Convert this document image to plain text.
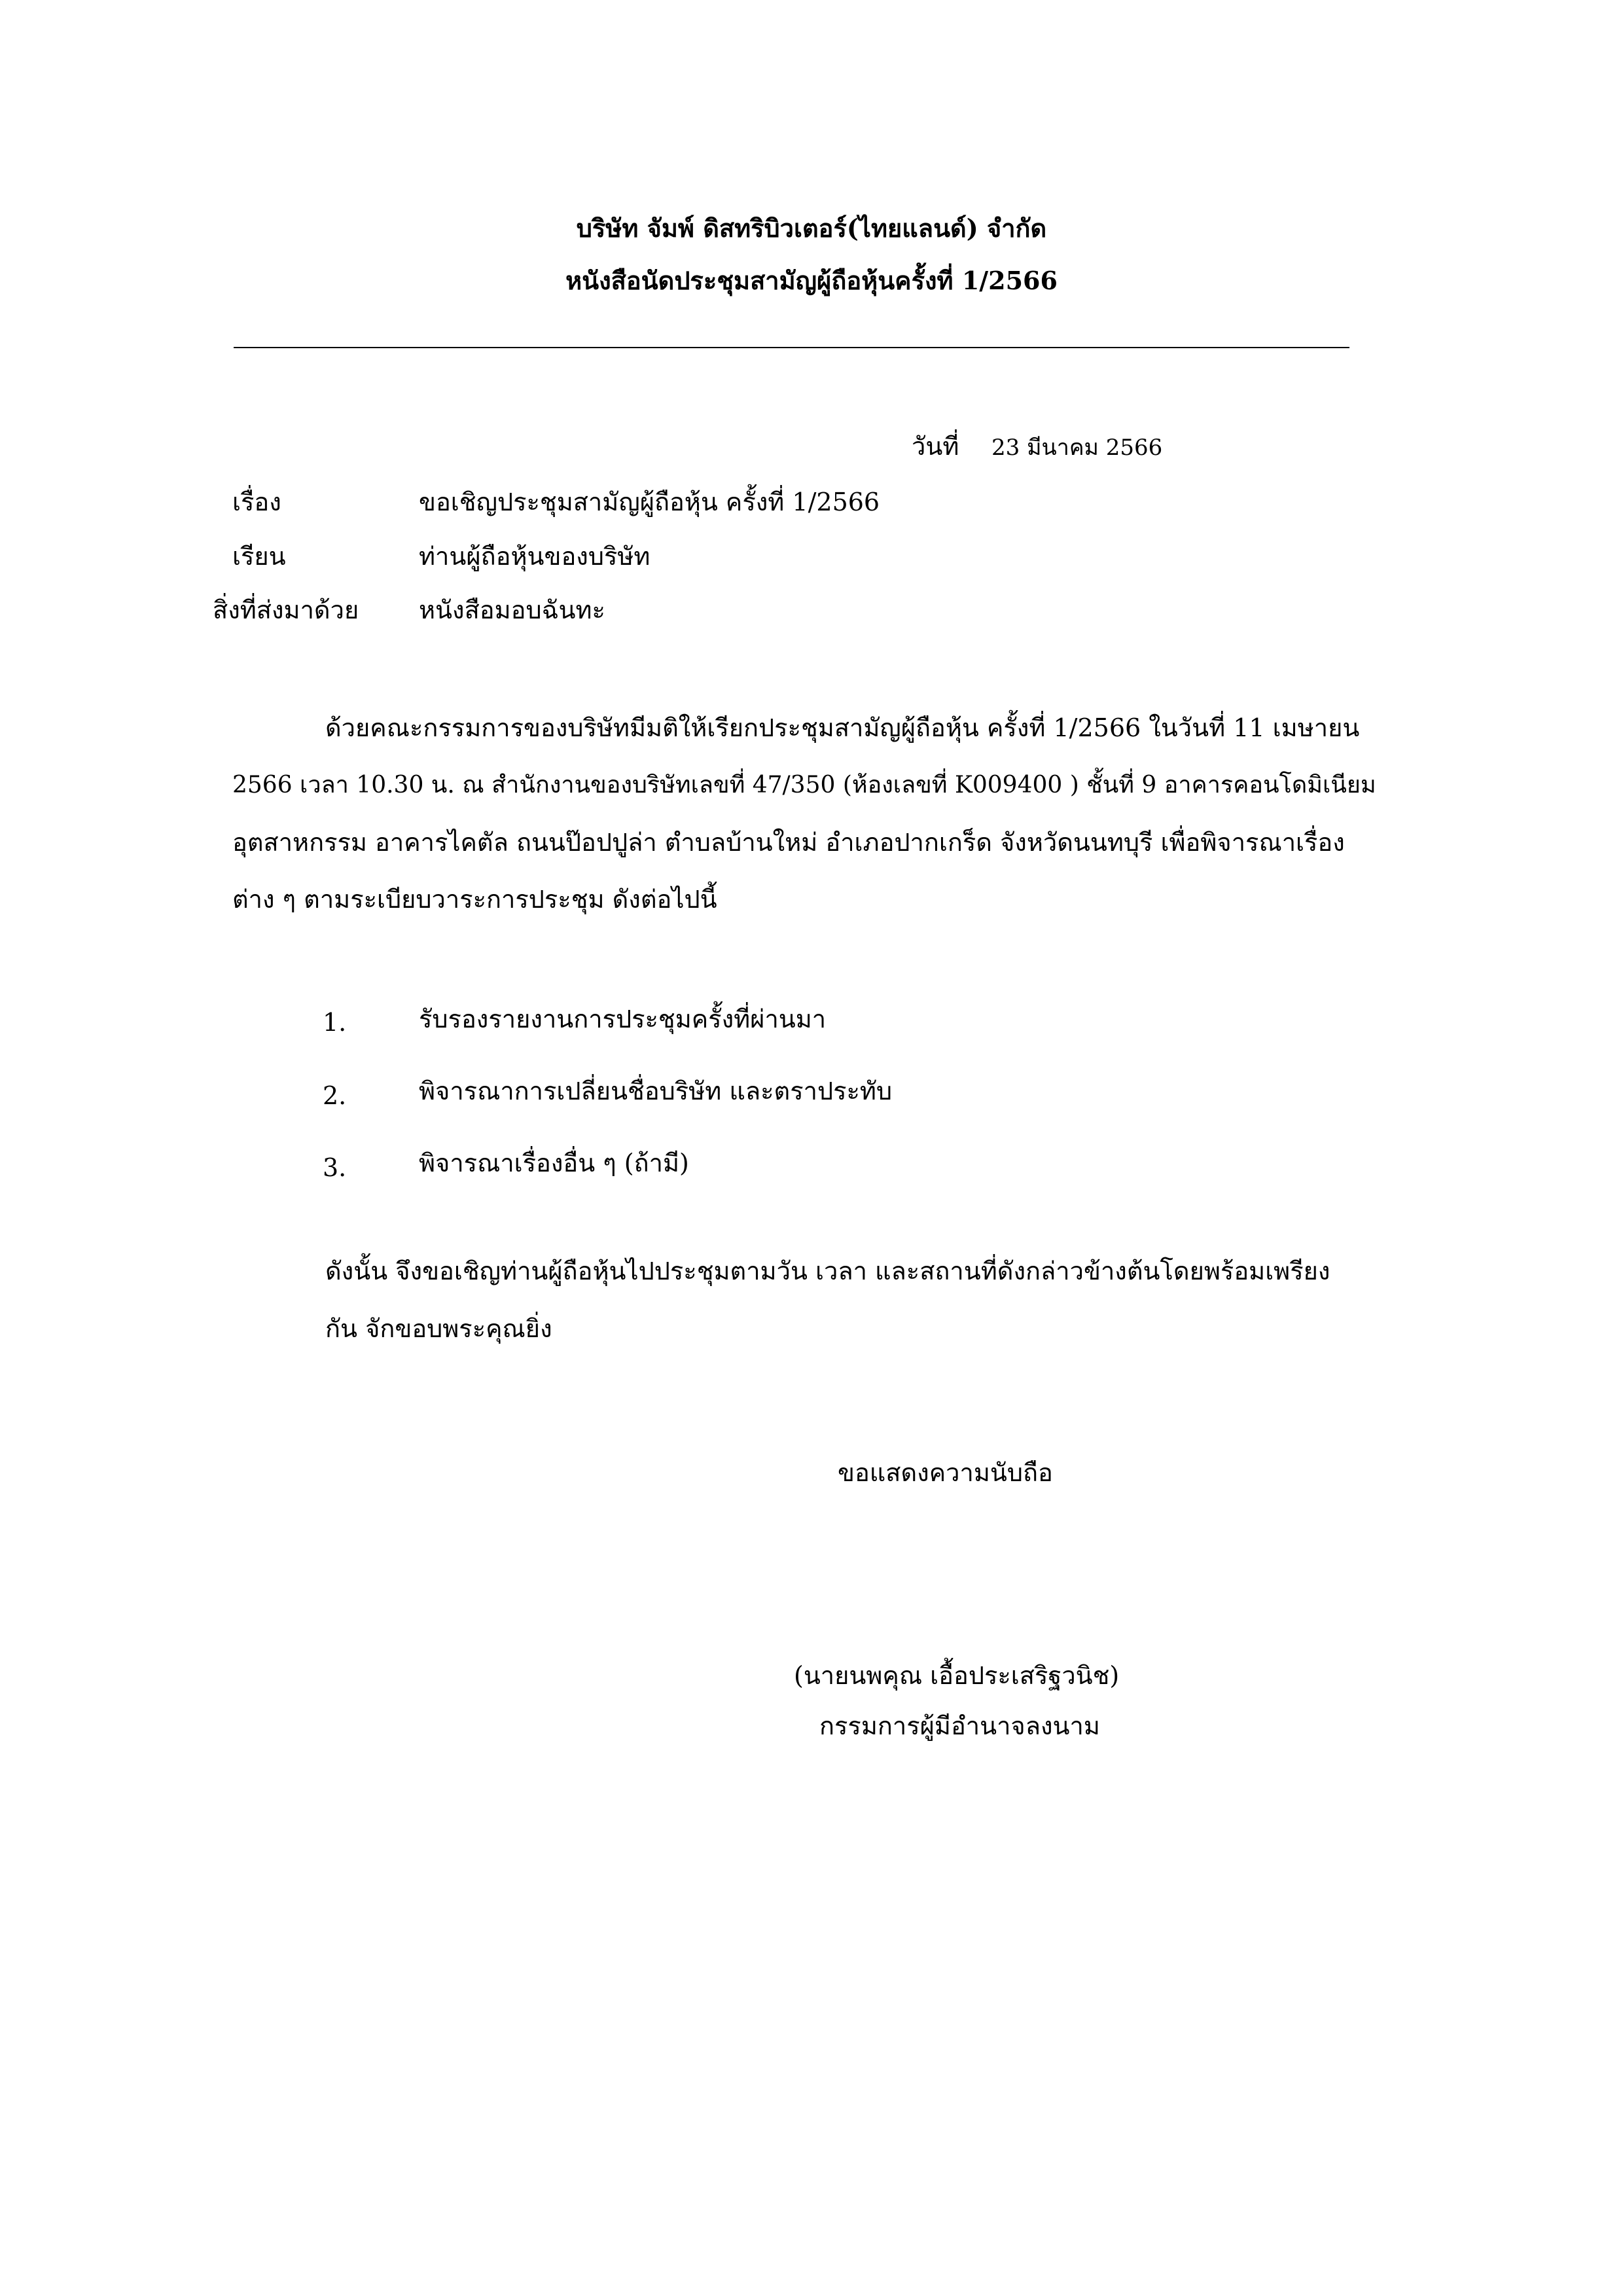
บริษัท จัมพ์ ดิสทริบิวเตอร์(ไทยแลนด์) จำกัด
หนังสือนัดประชุมสามัญผู้ถือหุ้นครั้งที่ 1/2566
วันที่ 23 มีนาคม 2566
เรื่อง	ขอเชิญประชุมสามัญผู้ถือหุ้น ครั้งที่ 1/2566
เรียน	ท่านผู้ถือหุ้นของบริษัท
สิ่งที่ส่งมาด้วย หนังสือมอบฉันทะ
ด้วยคณะกรรมการของบริษัทมีมติให้เรียกประชุมสามัญผู้ถือหุ้น ครั้งที่ 1/2566 ในวันที่ 11 เมษายน
2566 เวลา 10.30 น. ณ สำนักงานของบริษัทเลขที่ 47/350 (ห้องเลขที่ K009400 ) ชั้นที่ 9 อาคารคอนโดมิเนียม
อุตสาหกรรม อาคารไคตัล ถนนป๊อปปูล่า ตำบลบ้านใหม่ อำเภอปากเกร็ด จังหวัดนนทบุรี เพื่อพิจารณาเรื่อง
ต่าง ๆ ตามระเบียบวาระการประชุม ดังต่อไปนี้
1.	รับรองรายงานการประชุมครั้งที่ผ่านมา
2.	พิจารณาการเปลี่ยนชื่อบริษัท และตราประทับ
3.	พิจารณาเรื่องอื่น ๆ (ถ้ามี)
ดังนั้น จึงขอเชิญท่านผู้ถือหุ้นไปประชุมตามวัน เวลา และสถานที่ดังกล่าวข้างต้นโดยพร้อมเพรียง
กัน จักขอบพระคุณยิ่ง
ขอแสดงความนับถือ
(นายนพคุณ เอื้อประเสริฐวนิช)
กรรมการผู้มีอำนาจลงนาม
